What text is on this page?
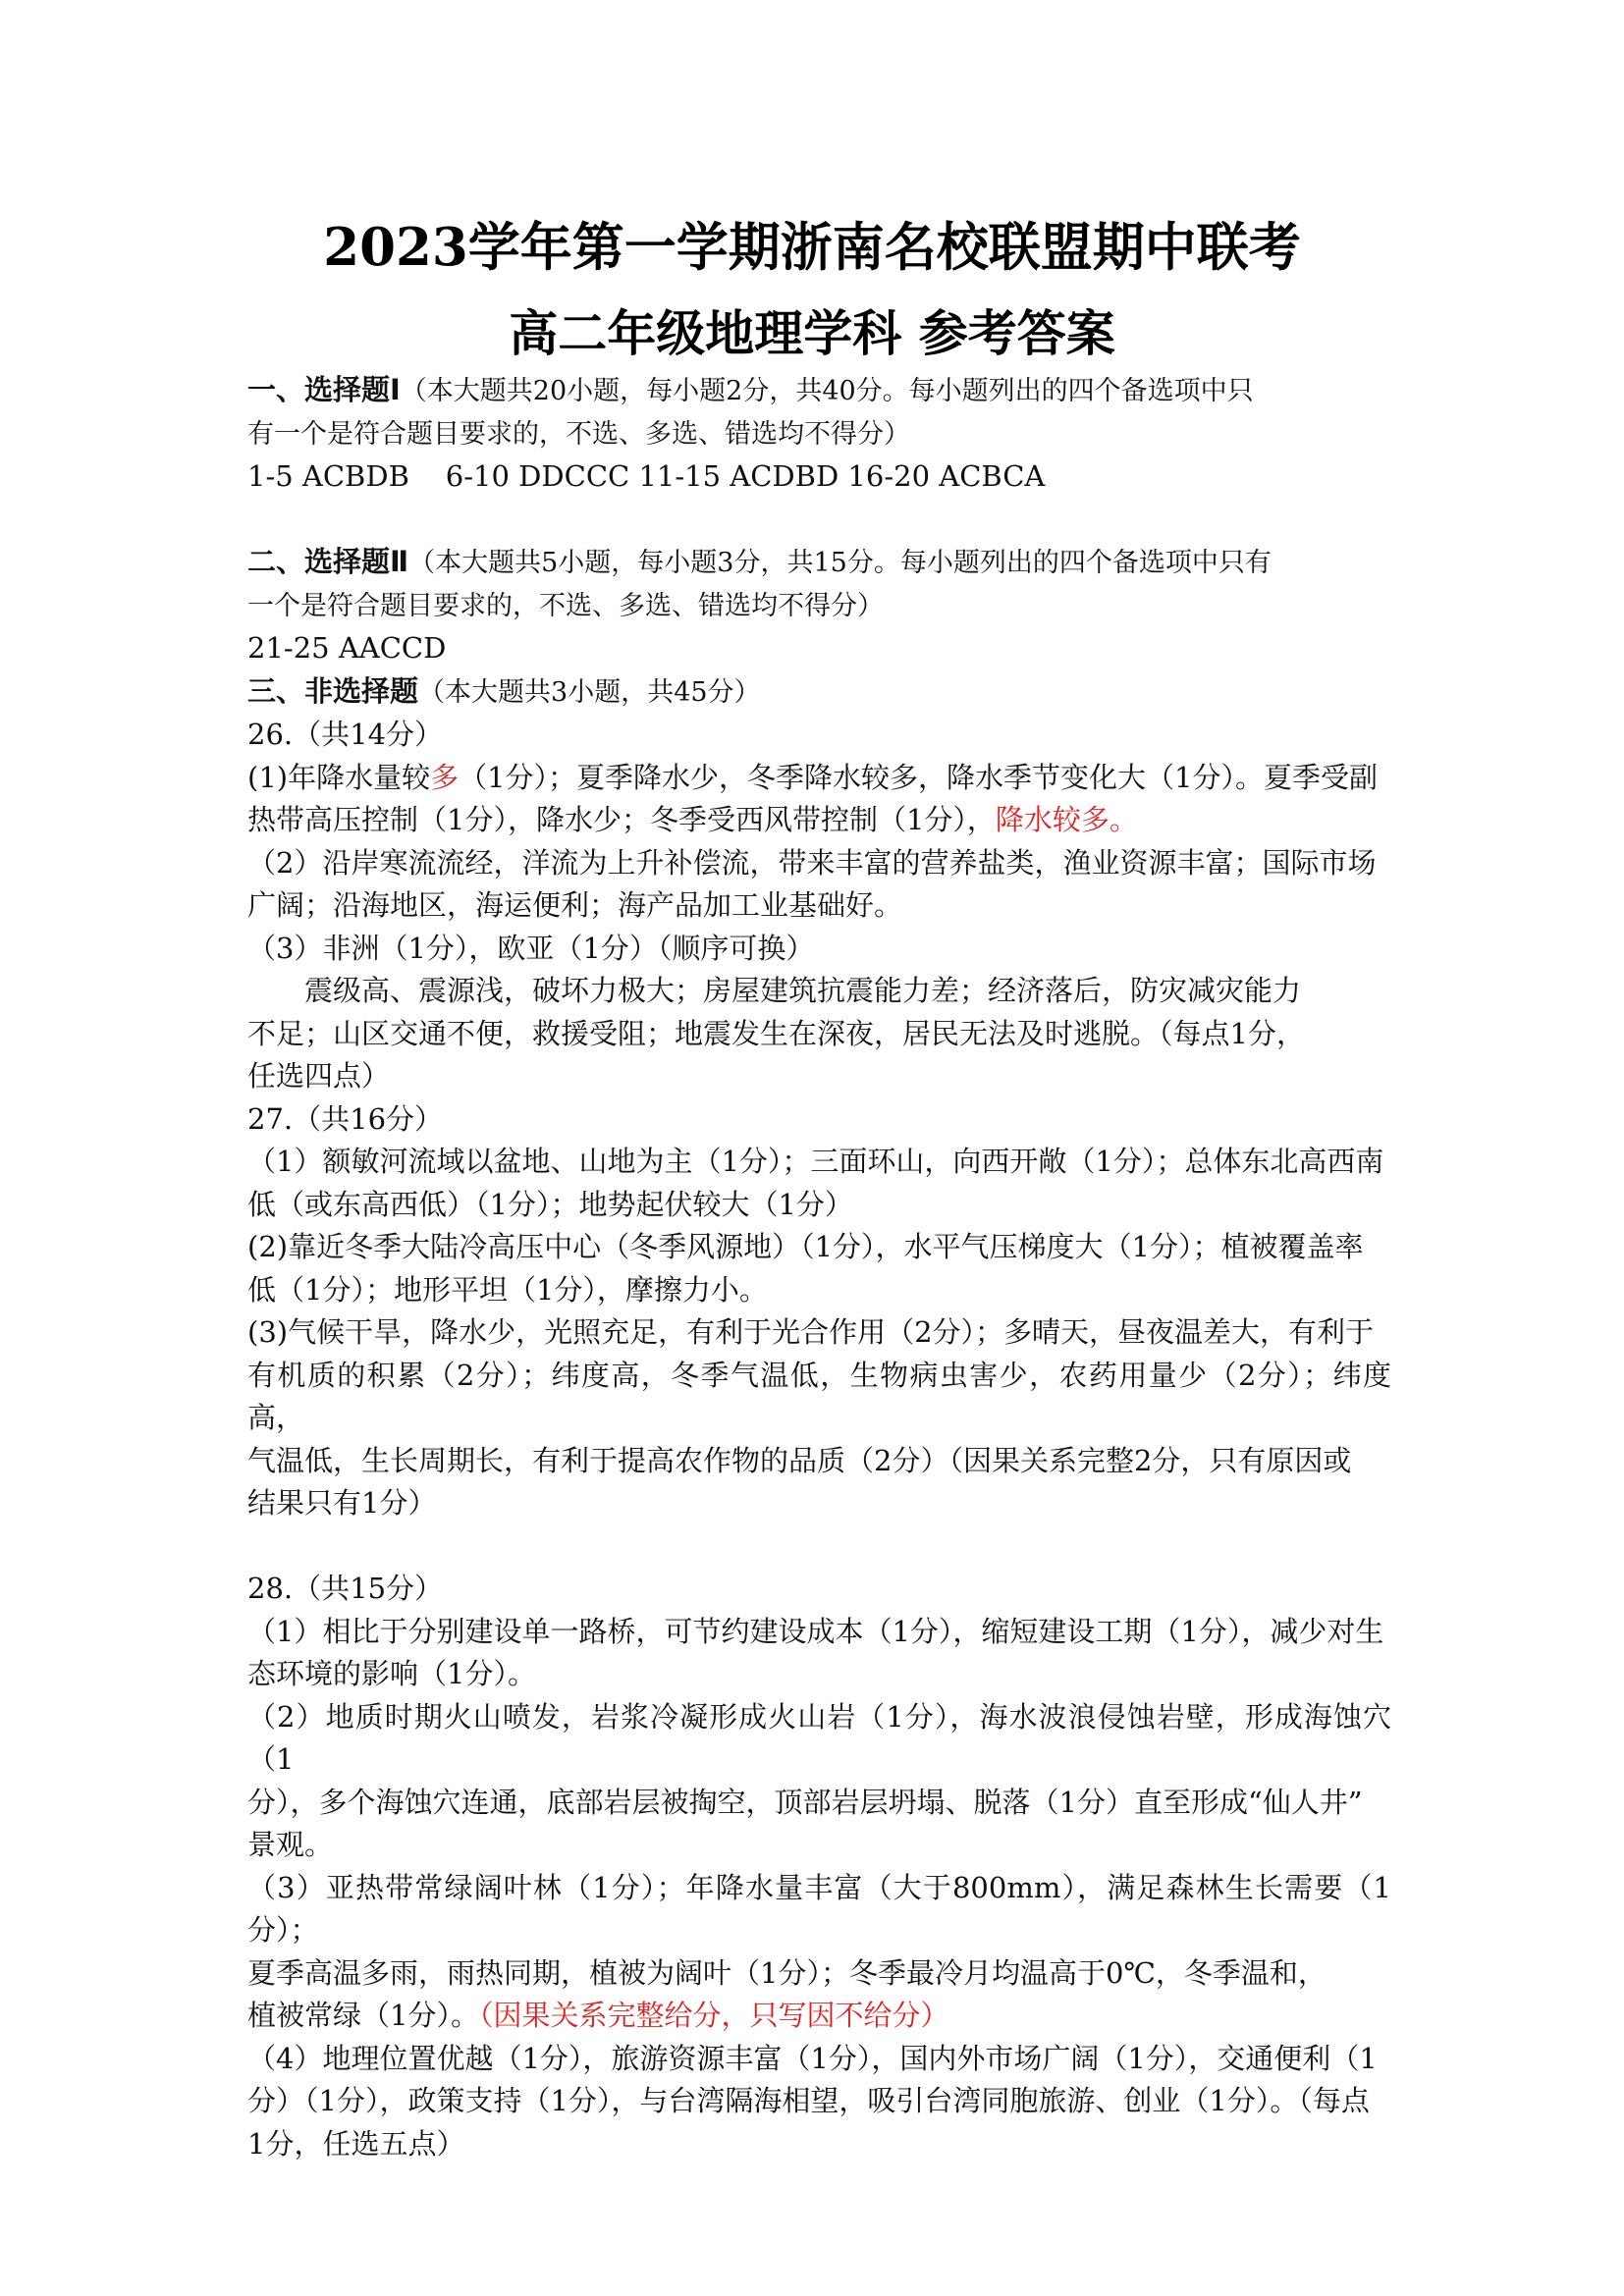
2023学年第一学期浙南名校联盟期中联考
高二年级地理学科 参考答案

一、选择题Ⅰ（本大题共20小题，每小题2分，共40分。每小题列出的四个备选项中只

有一个是符合题目要求的，不选、多选、错选均不得分）

1-5 ACBDB    6-10 DDCCC 11-15 ACDBD 16-20 ACBCA

二、选择题Ⅱ（本大题共5小题，每小题3分，共15分。每小题列出的四个备选项中只有

一个是符合题目要求的，不选、多选、错选均不得分）

21-25 AACCD

三、非选择题（本大题共3小题，共45分）

26.（共14分）

(1)年降水量较多（1分）；夏季降水少，冬季降水较多，降水季节变化大（1分）。夏季受副

热带高压控制（1分），降水少；冬季受西风带控制（1分），降水较多。

（2）沿岸寒流流经，洋流为上升补偿流，带来丰富的营养盐类，渔业资源丰富；国际市场

广阔；沿海地区，海运便利；海产品加工业基础好。

（3）非洲（1分），欧亚（1分）（顺序可换）

震级高、震源浅，破坏力极大；房屋建筑抗震能力差；经济落后，防灾减灾能力

不足；山区交通不便，救援受阻；地震发生在深夜，居民无法及时逃脱。（每点1分，

任选四点）

27.（共16分）

（1）额敏河流域以盆地、山地为主（1分）；三面环山，向西开敞（1分）；总体东北高西南

低（或东高西低）（1分）；地势起伏较大（1分）

(2)靠近冬季大陆冷高压中心（冬季风源地）（1分），水平气压梯度大（1分）；植被覆盖率

低（1分）；地形平坦（1分），摩擦力小。

(3)气候干旱，降水少，光照充足，有利于光合作用（2分）；多晴天，昼夜温差大，有利于

有机质的积累（2分）；纬度高，冬季气温低，生物病虫害少，农药用量少（2分）；纬度高，

气温低，生长周期长，有利于提高农作物的品质（2分）（因果关系完整2分，只有原因或

结果只有1分）

28.（共15分）

（1）相比于分别建设单一路桥，可节约建设成本（1分），缩短建设工期（1分），减少对生

态环境的影响（1分）。

（2）地质时期火山喷发，岩浆冷凝形成火山岩（1分），海水波浪侵蚀岩壁，形成海蚀穴（1

分），多个海蚀穴连通，底部岩层被掏空，顶部岩层坍塌、脱落（1分）直至形成“仙人井”

景观。

（3）亚热带常绿阔叶林（1分）；年降水量丰富（大于800mm），满足森林生长需要（1分）；

夏季高温多雨，雨热同期，植被为阔叶（1分）；冬季最冷月均温高于0℃，冬季温和，

植被常绿（1分）。（因果关系完整给分，只写因不给分）

（4）地理位置优越（1分），旅游资源丰富（1分），国内外市场广阔（1分），交通便利（1

分）（1分），政策支持（1分），与台湾隔海相望，吸引台湾同胞旅游、创业（1分）。（每点

1分，任选五点）
